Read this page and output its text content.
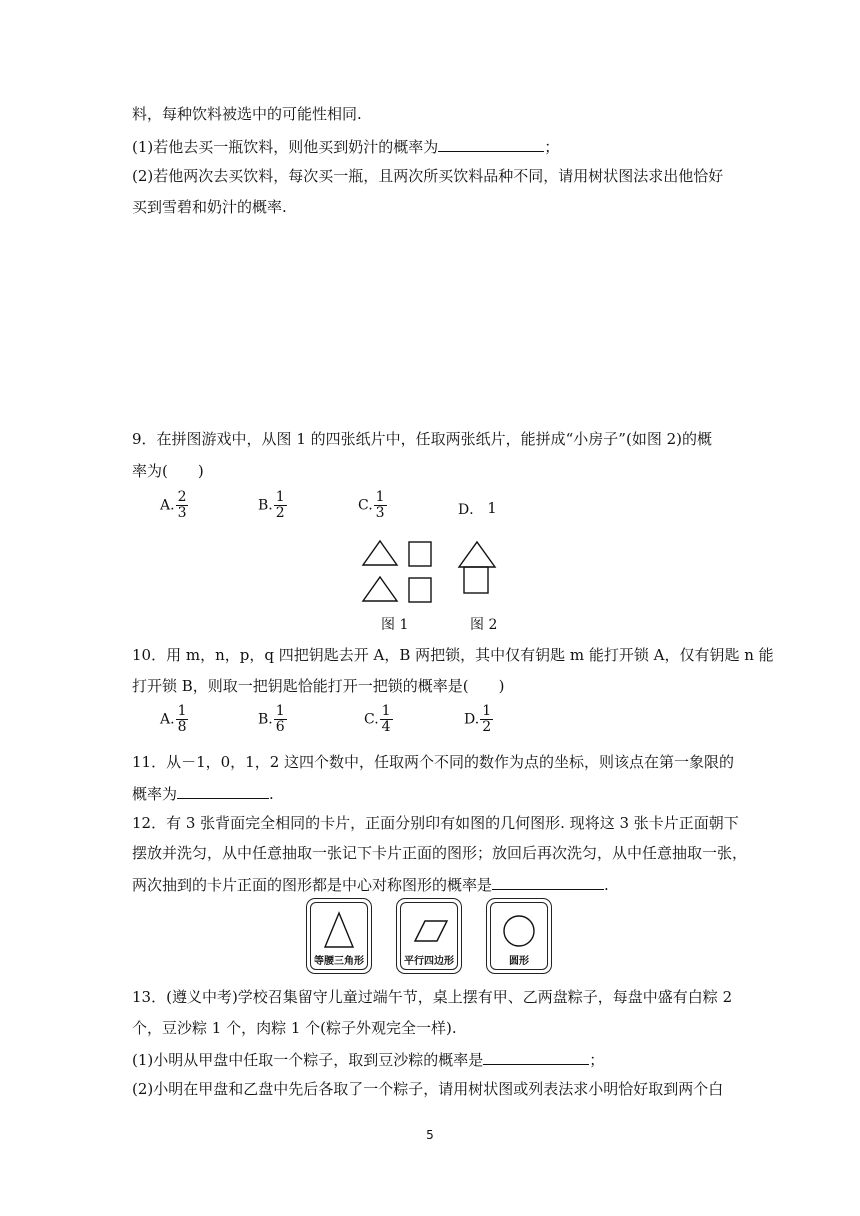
料，每种饮料被选中的可能性相同.
(1)若他去买一瓶饮料，则他买到奶汁的概率为	；
(2)若他两次去买饮料，每次买一瓶，且两次所买饮料品种不同，请用树状图法求出他恰好
买到雪碧和奶汁的概率.
9．在拼图游戏中，从图 1 的四张纸片中，任取两张纸片，能拼成“小房子”(如图 2)的概
率为(　　)
A. $\frac{2}{3}$	B. $\frac{1}{2}$	C. $\frac{1}{3}$	D． 1
图 1	图 2
10．用 m，n，p，q 四把钥匙去开 A，B 两把锁，其中仅有钥匙 m 能打开锁 A，仅有钥匙 n 能
打开锁 B，则取一把钥匙恰能打开一把锁的概率是(　　)
A. $\frac{1}{8}$	B. $\frac{1}{6}$	C. $\frac{1}{4}$	D. $\frac{1}{2}$
11．从－1，0，1，2 这四个数中，任取两个不同的数作为点的坐标，则该点在第一象限的
概率为	.
12．有 3 张背面完全相同的卡片，正面分别印有如图的几何图形. 现将这 3 张卡片正面朝下
摆放并洗匀，从中任意抽取一张记下卡片正面的图形；放回后再次洗匀，从中任意抽取一张，
两次抽到的卡片正面的图形都是中心对称图形的概率是	.
等腰三角形	平行四边形	圆形
13．(遵义中考)学校召集留守儿童过端午节，桌上摆有甲、乙两盘粽子，每盘中盛有白粽 2
个，豆沙粽 1 个，肉粽 1 个(粽子外观完全一样).
(1)小明从甲盘中任取一个粽子，取到豆沙粽的概率是	；
(2)小明在甲盘和乙盘中先后各取了一个粽子，请用树状图或列表法求小明恰好取到两个白
5
